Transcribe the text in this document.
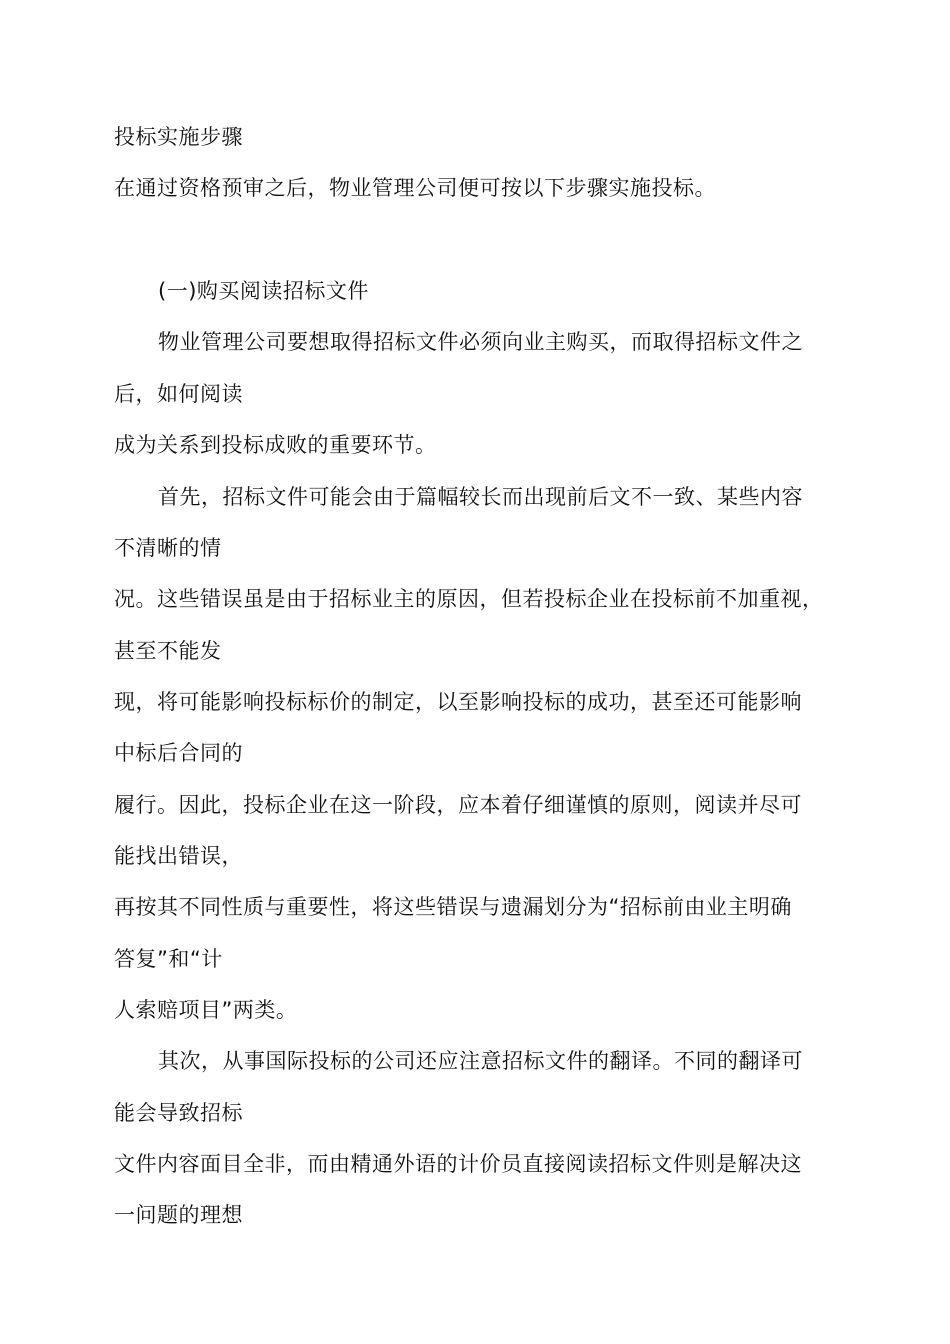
投标实施步骤
在通过资格预审之后，物业管理公司便可按以下步骤实施投标。
(一)购买阅读招标文件
物业管理公司要想取得招标文件必须向业主购买，而取得招标文件之
后，如何阅读
成为关系到投标成败的重要环节。
首先，招标文件可能会由于篇幅较长而出现前后文不一致、某些内容
不清晰的情
况。这些错误虽是由于招标业主的原因，但若投标企业在投标前不加重视，
甚至不能发
现，将可能影响投标标价的制定，以至影响投标的成功，甚至还可能影响
中标后合同的
履行。因此，投标企业在这一阶段，应本着仔细谨慎的原则，阅读并尽可
能找出错误，
再按其不同性质与重要性，将这些错误与遗漏划分为“招标前由业主明确
答复”和“计
人索赔项目”两类。
其次，从事国际投标的公司还应注意招标文件的翻译。不同的翻译可
能会导致招标
文件内容面目全非，而由精通外语的计价员直接阅读招标文件则是解决这
一问题的理想
